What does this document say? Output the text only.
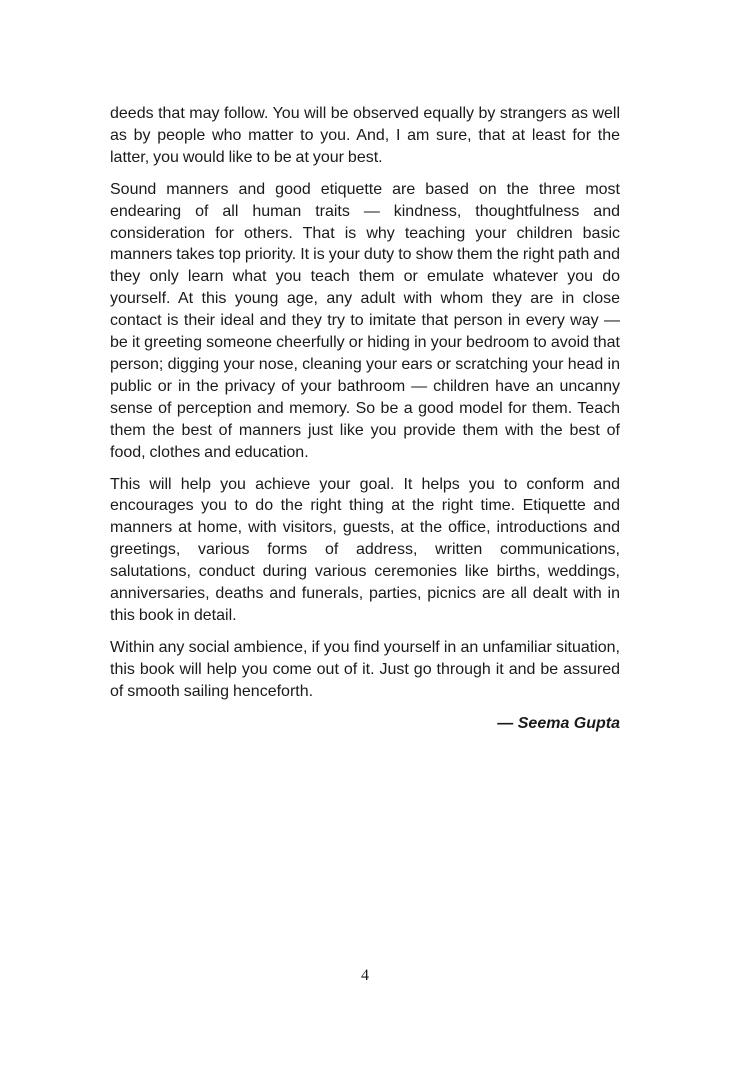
deeds that may follow. You will be observed equally by strangers as well as by people who matter to you. And, I am sure, that at least for the latter, you would like to be at your best.

Sound manners and good etiquette are based on the three most endearing of all human traits — kindness, thoughtfulness and consideration for others. That is why teaching your children basic manners takes top priority. It is your duty to show them the right path and they only learn what you teach them or emulate whatever you do yourself. At this young age, any adult with whom they are in close contact is their ideal and they try to imitate that person in every way — be it greeting someone cheerfully or hiding in your bedroom to avoid that person; digging your nose, cleaning your ears or scratching your head in public or in the privacy of your bathroom — children have an uncanny sense of perception and memory. So be a good model for them. Teach them the best of manners just like you provide them with the best of food, clothes and education.

This will help you achieve your goal. It helps you to conform and encourages you to do the right thing at the right time. Etiquette and manners at home, with visitors, guests, at the office, introductions and greetings, various forms of address, written communications, salutations, conduct during various ceremonies like births, weddings, anniversaries, deaths and funerals, parties, picnics are all dealt with in this book in detail.

Within any social ambience, if you find yourself in an unfamiliar situation, this book will help you come out of it. Just go through it and be assured of smooth sailing henceforth.

— Seema Gupta

4
